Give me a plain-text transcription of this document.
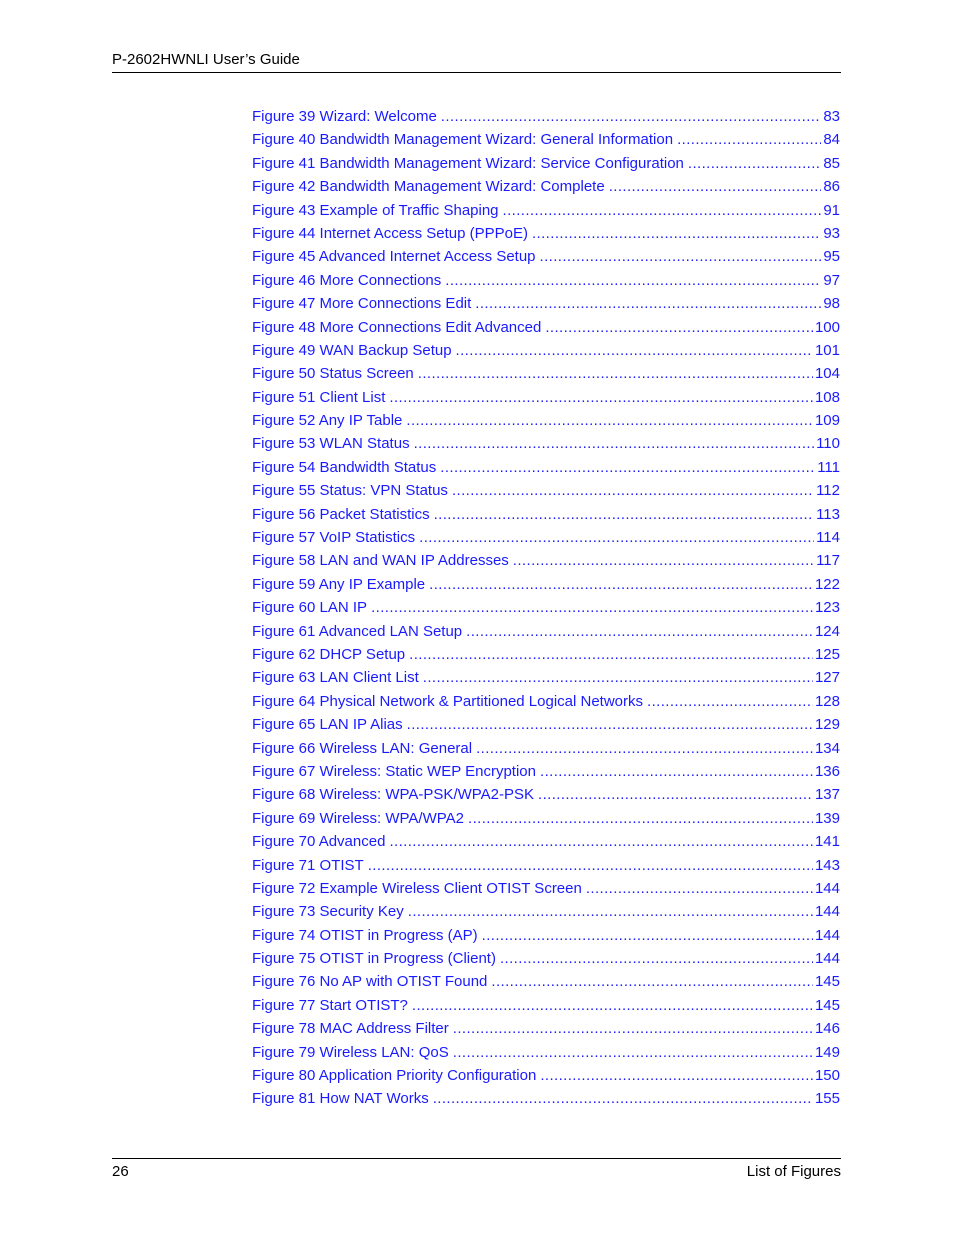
P-2602HWNLI User’s Guide
Figure 39 Wizard: Welcome .....	83
Figure 40 Bandwidth Management Wizard: General Information .....	84
Figure 41 Bandwidth Management Wizard: Service Configuration .....	85
Figure 42 Bandwidth Management Wizard: Complete .....	86
Figure 43 Example of Traffic Shaping .....	91
Figure 44 Internet Access Setup (PPPoE) .....	93
Figure 45 Advanced Internet Access Setup .....	95
Figure 46 More Connections .....	97
Figure 47 More Connections Edit .....	98
Figure 48 More Connections Edit Advanced .....	100
Figure 49 WAN Backup Setup .....	101
Figure 50 Status Screen .....	104
Figure 51 Client List .....	108
Figure 52 Any IP Table .....	109
Figure 53 WLAN Status .....	110
Figure 54 Bandwidth Status .....	111
Figure 55 Status: VPN Status .....	112
Figure 56 Packet Statistics .....	113
Figure 57 VoIP Statistics .....	114
Figure 58 LAN and WAN IP Addresses .....	117
Figure 59 Any IP Example .....	122
Figure 60 LAN IP .....	123
Figure 61 Advanced LAN Setup .....	124
Figure 62 DHCP Setup .....	125
Figure 63 LAN Client List .....	127
Figure 64 Physical Network & Partitioned Logical Networks .....	128
Figure 65 LAN IP Alias .....	129
Figure 66 Wireless LAN: General .....	134
Figure 67 Wireless: Static WEP Encryption .....	136
Figure 68 Wireless: WPA-PSK/WPA2-PSK .....	137
Figure 69 Wireless: WPA/WPA2 .....	139
Figure 70 Advanced .....	141
Figure 71 OTIST .....	143
Figure 72 Example Wireless Client OTIST Screen .....	144
Figure 73 Security Key .....	144
Figure 74 OTIST in Progress (AP) .....	144
Figure 75 OTIST in Progress (Client) .....	144
Figure 76 No AP with OTIST Found .....	145
Figure 77 Start OTIST? .....	145
Figure 78 MAC Address Filter .....	146
Figure 79 Wireless LAN: QoS .....	149
Figure 80 Application Priority Configuration .....	150
Figure 81 How NAT Works .....	155
26	List of Figures
